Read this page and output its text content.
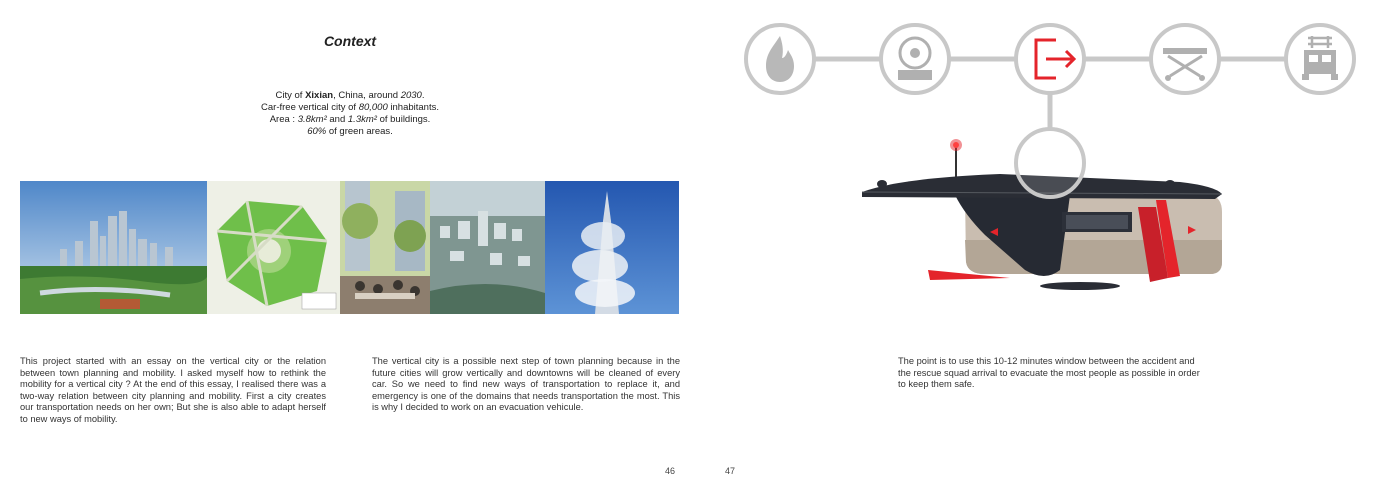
Context
City of Xixian, China, around 2030.
Car-free vertical city of 80,000 inhabitants.
Area : 3.8km² and 1.3km² of buildings.
60% of green areas.
This project started with an essay on the vertical city or the relation between town planning and mobility. I asked myself how to rethink the mobility for a vertical city ? At the end of this essay, I realised there was a two-way relation between city planning and mobility. First a city creates our transportation needs on her own; But she is also able to adapt herself to new ways of mobility.
The vertical city is a possible next step of town planning because in the future cities will grow vertically and downtowns will be cleaned of every car. So we need to find new ways of transportation to replace it, and emergency is one of the domains that needs transportation the most. This is why I decided to work on an evacuation vehicule.
46
The point is to use this 10-12 minutes window between the accident and the rescue squad arrival to evacuate the most people as possible in order to keep them safe.
47
